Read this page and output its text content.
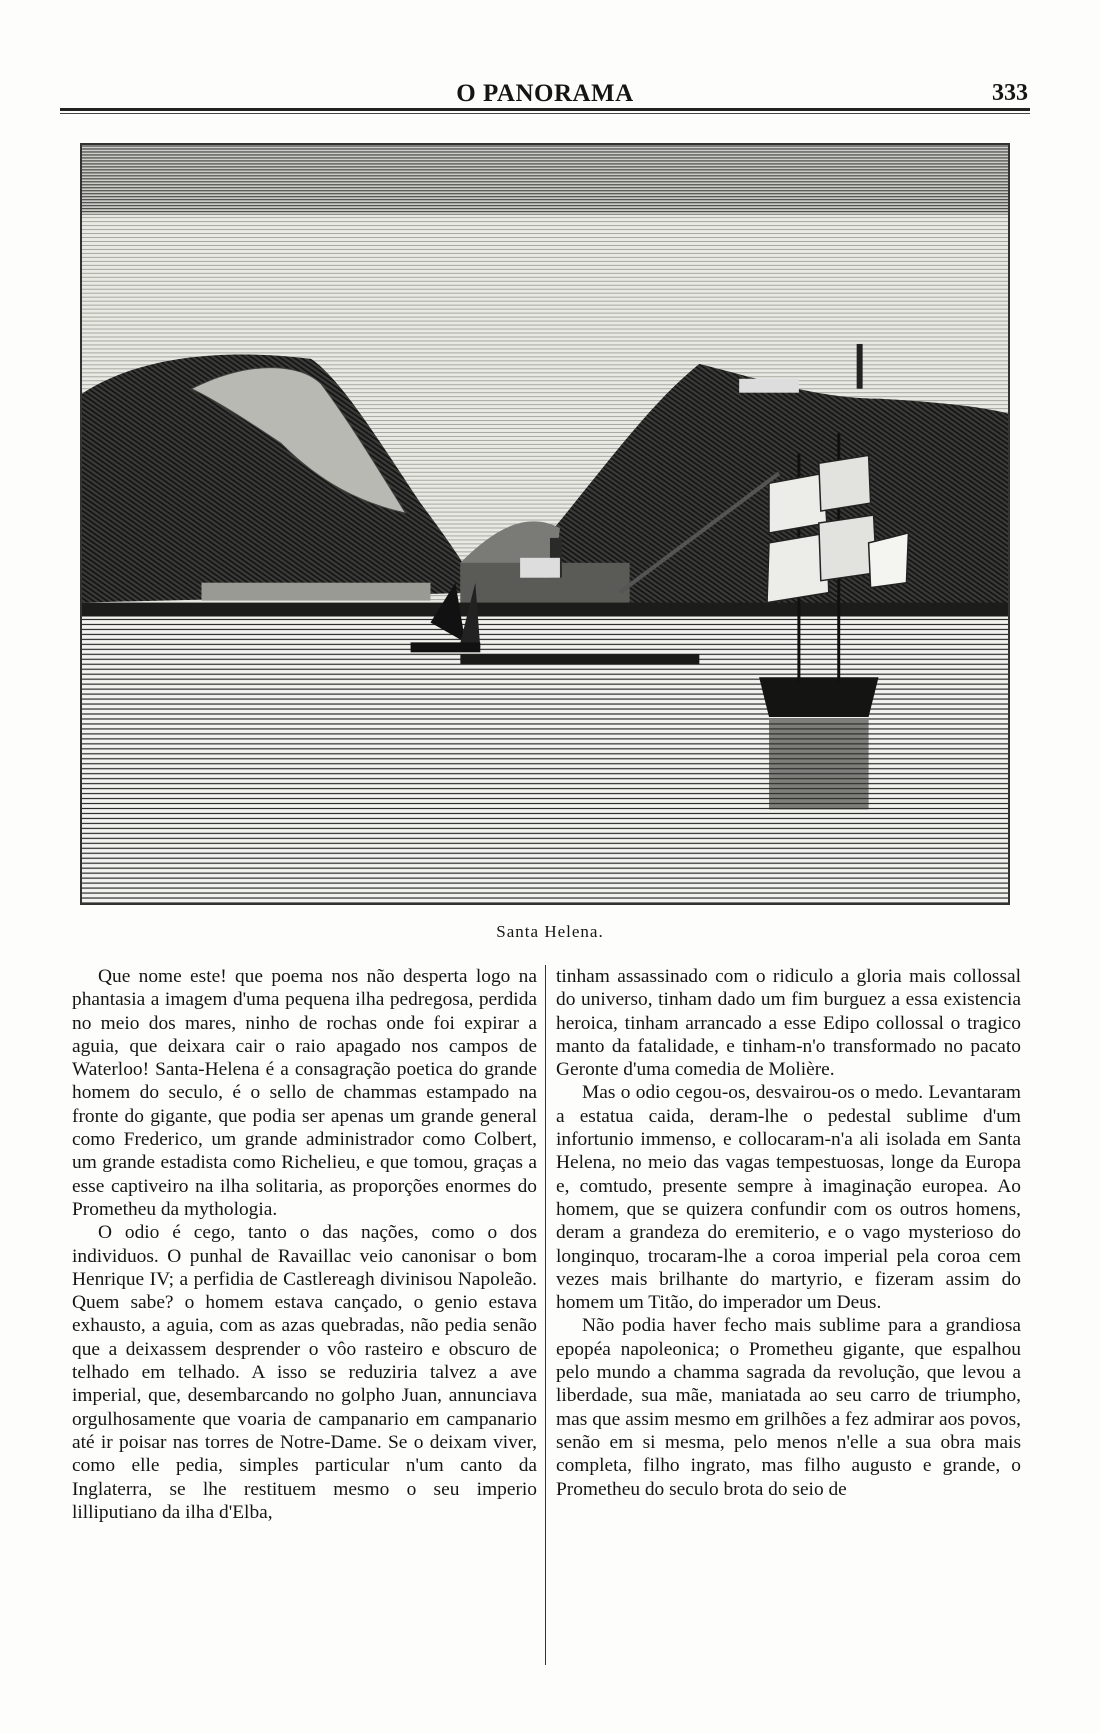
O PANORAMA	333
Santa Helena.

Que nome este! que poema nos não desperta logo na phantasia a imagem d'uma pequena ilha pedregosa, perdida no meio dos mares, ninho de rochas onde foi expirar a aguia, que deixara cair o raio apagado nos campos de Waterloo! Santa-Helena é a consagração poetica do grande homem do seculo, é o sello de chammas estampado na fronte do gigante, que podia ser apenas um grande general como Frederico, um grande administrador como Colbert, um grande estadista como Richelieu, e que tomou, graças a esse captiveiro na ilha solitaria, as proporções enormes do Prometheu da mythologia.

O odio é cego, tanto o das nações, como o dos individuos. O punhal de Ravaillac veio canonisar o bom Henrique IV; a perfidia de Castlereagh divinisou Napoleão. Quem sabe? o homem estava cançado, o genio estava exhausto, a aguia, com as azas quebradas, não pedia senão que a deixassem desprender o vôo rasteiro e obscuro de telhado em telhado. A isso se reduziria talvez a ave imperial, que, desembarcando no golpho Juan, annunciava orgulhosamente que voaria de campanario em campanario até ir poisar nas torres de Notre-Dame. Se o deixam viver, como elle pedia, simples particular n'um canto da Inglaterra, se lhe restituem mesmo o seu imperio lilliputiano da ilha d'Elba,

tinham assassinado com o ridiculo a gloria mais collossal do universo, tinham dado um fim burguez a essa existencia heroica, tinham arrancado a esse Edipo collossal o tragico manto da fatalidade, e tinham-n'o transformado no pacato Geronte d'uma comedia de Molière.

Mas o odio cegou-os, desvairou-os o medo. Levantaram a estatua caida, deram-lhe o pedestal sublime d'um infortunio immenso, e collocaram-n'a ali isolada em Santa Helena, no meio das vagas tempestuosas, longe da Europa e, comtudo, presente sempre à imaginação europea. Ao homem, que se quizera confundir com os outros homens, deram a grandeza do eremiterio, e o vago mysterioso do longinquo, trocaram-lhe a coroa imperial pela coroa cem vezes mais brilhante do martyrio, e fizeram assim do homem um Titão, do imperador um Deus.

Não podia haver fecho mais sublime para a grandiosa epopéa napoleonica; o Prometheu gigante, que espalhou pelo mundo a chamma sagrada da revolução, que levou a liberdade, sua mãe, maniatada ao seu carro de triumpho, mas que assim mesmo em grilhões a fez admirar aos povos, senão em si mesma, pelo menos n'elle a sua obra mais completa, filho ingrato, mas filho augusto e grande, o Prometheu do seculo brota do seio de
